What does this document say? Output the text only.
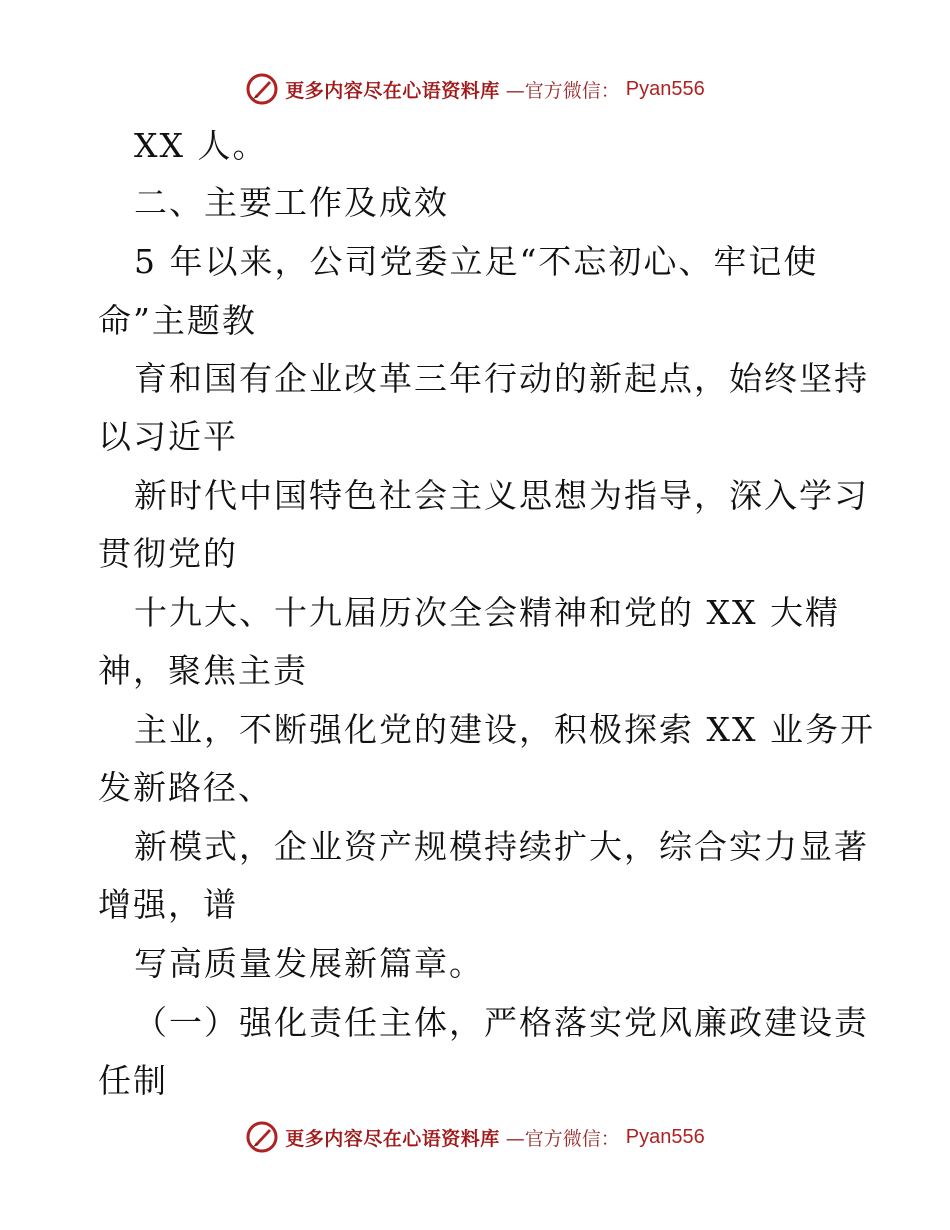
更多内容尽在心语资料库 —官方微信： Pyan556
XX 人。
二、主要工作及成效
5 年以来，公司党委立足“不忘初心、牢记使
命”主题教
育和国有企业改革三年行动的新起点，始终坚持
以习近平
新时代中国特色社会主义思想为指导，深入学习
贯彻党的
十九大、十九届历次全会精神和党的 XX 大精
神，聚焦主责
主业，不断强化党的建设，积极探索 XX 业务开
发新路径、
新模式，企业资产规模持续扩大，综合实力显著
增强，谱
写高质量发展新篇章。
（一）强化责任主体，严格落实党风廉政建设责
任制
更多内容尽在心语资料库 —官方微信： Pyan556
